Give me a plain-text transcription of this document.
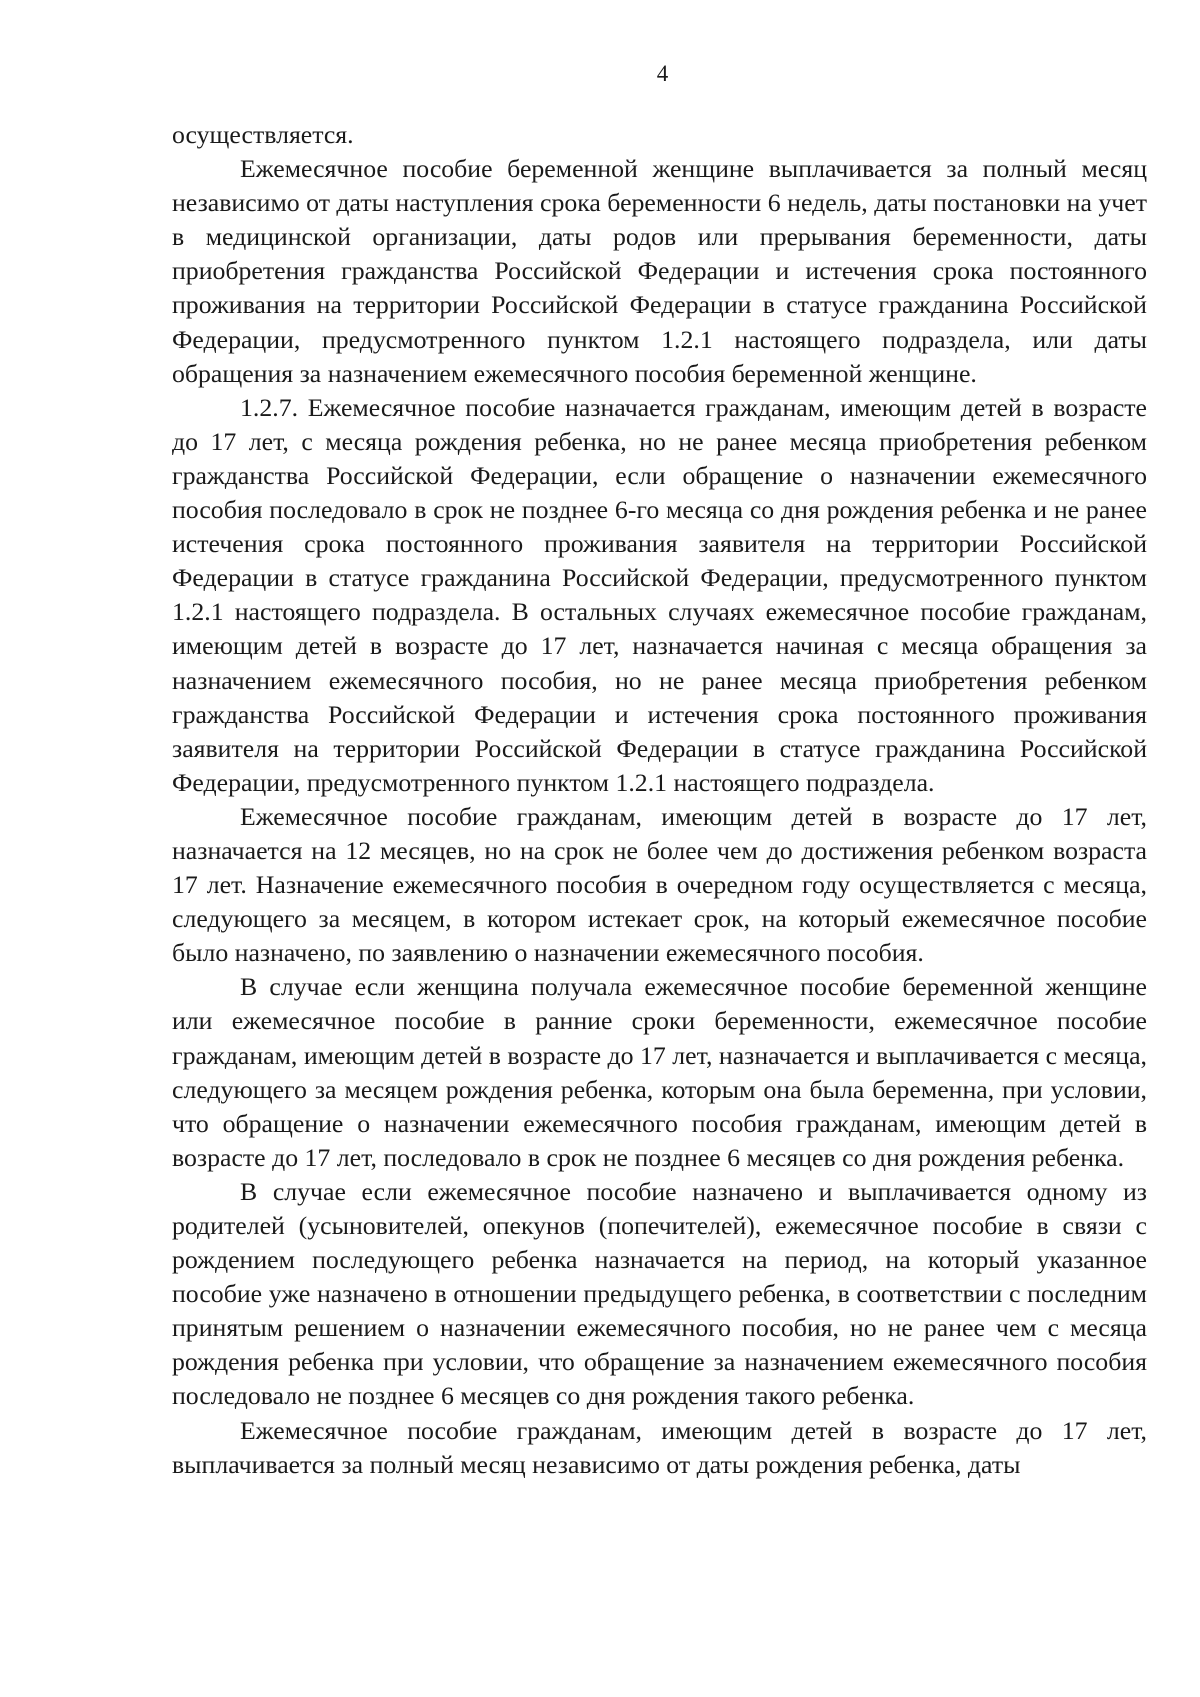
4

осуществляется.

Ежемесячное пособие беременной женщине выплачивается за полный месяц независимо от даты наступления срока беременности 6 недель, даты постановки на учет в медицинской организации, даты родов или прерывания беременности, даты приобретения гражданства Российской Федерации и истечения срока постоянного проживания на территории Российской Федерации в статусе гражданина Российской Федерации, предусмотренного пунктом 1.2.1 настоящего подраздела, или даты обращения за назначением ежемесячного пособия беременной женщине.

1.2.7. Ежемесячное пособие назначается гражданам, имеющим детей в возрасте до 17 лет, с месяца рождения ребенка, но не ранее месяца приобретения ребенком гражданства Российской Федерации, если обращение о назначении ежемесячного пособия последовало в срок не позднее 6-го месяца со дня рождения ребенка и не ранее истечения срока постоянного проживания заявителя на территории Российской Федерации в статусе гражданина Российской Федерации, предусмотренного пунктом 1.2.1 настоящего подраздела. В остальных случаях ежемесячное пособие гражданам, имеющим детей в возрасте до 17 лет, назначается начиная с месяца обращения за назначением ежемесячного пособия, но не ранее месяца приобретения ребенком гражданства Российской Федерации и истечения срока постоянного проживания заявителя на территории Российской Федерации в статусе гражданина Российской Федерации, предусмотренного пунктом 1.2.1 настоящего подраздела.

Ежемесячное пособие гражданам, имеющим детей в возрасте до 17 лет, назначается на 12 месяцев, но на срок не более чем до достижения ребенком возраста 17 лет. Назначение ежемесячного пособия в очередном году осуществляется с месяца, следующего за месяцем, в котором истекает срок, на который ежемесячное пособие было назначено, по заявлению о назначении ежемесячного пособия.

В случае если женщина получала ежемесячное пособие беременной женщине или ежемесячное пособие в ранние сроки беременности, ежемесячное пособие гражданам, имеющим детей в возрасте до 17 лет, назначается и выплачивается с месяца, следующего за месяцем рождения ребенка, которым она была беременна, при условии, что обращение о назначении ежемесячного пособия гражданам, имеющим детей в возрасте до 17 лет, последовало в срок не позднее 6 месяцев со дня рождения ребенка.

В случае если ежемесячное пособие назначено и выплачивается одному из родителей (усыновителей, опекунов (попечителей), ежемесячное пособие в связи с рождением последующего ребенка назначается на период, на который указанное пособие уже назначено в отношении предыдущего ребенка, в соответствии с последним принятым решением о назначении ежемесячного пособия, но не ранее чем с месяца рождения ребенка при условии, что обращение за назначением ежемесячного пособия последовало не позднее 6 месяцев со дня рождения такого ребенка.

Ежемесячное пособие гражданам, имеющим детей в возрасте до 17 лет, выплачивается за полный месяц независимо от даты рождения ребенка, даты
